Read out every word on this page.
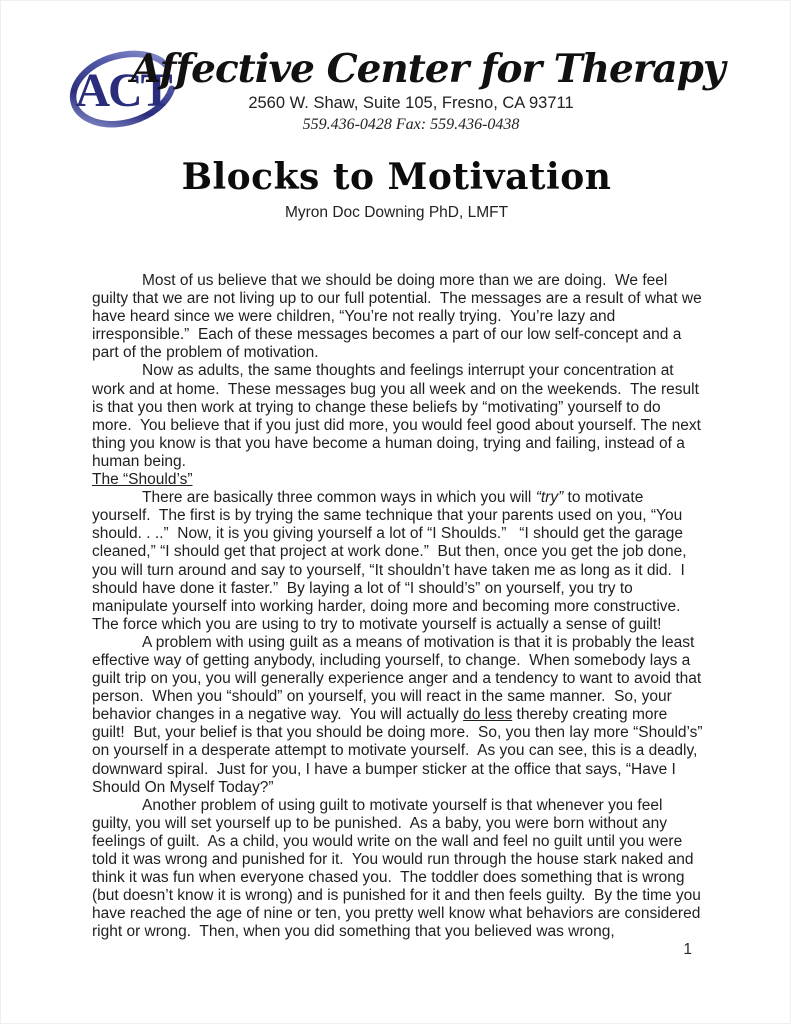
ACT
Affective Center for Therapy
2560 W. Shaw, Suite 105, Fresno, CA 93711
559.436-0428 Fax: 559.436-0438
Blocks to Motivation
Myron Doc Downing PhD, LMFT
Most of us believe that we should be doing more than we are doing.  We feel guilty that we are not living up to our full potential.  The messages are a result of what we have heard since we were children, “You’re not really trying.  You’re lazy and irresponsible.”  Each of these messages becomes a part of our low self-concept and a part of the problem of motivation.
Now as adults, the same thoughts and feelings interrupt your concentration at work and at home.  These messages bug you all week and on the weekends.  The result is that you then work at trying to change these beliefs by “motivating” yourself to do more.  You believe that if you just did more, you would feel good about yourself. The next thing you know is that you have become a human doing, trying and failing, instead of a human being.
The “Should’s”
There are basically three common ways in which you will “try” to motivate yourself.  The first is by trying the same technique that your parents used on you, “You should. . ..”  Now, it is you giving yourself a lot of “I Shoulds.”   “I should get the garage cleaned,” “I should get that project at work done.”  But then, once you get the job done, you will turn around and say to yourself, “It shouldn’t have taken me as long as it did.  I should have done it faster.”  By laying a lot of “I should’s” on yourself, you try to manipulate yourself into working harder, doing more and becoming more constructive.  The force which you are using to try to motivate yourself is actually a sense of guilt!
A problem with using guilt as a means of motivation is that it is probably the least effective way of getting anybody, including yourself, to change.  When somebody lays a guilt trip on you, you will generally experience anger and a tendency to want to avoid that person.  When you “should” on yourself, you will react in the same manner.  So, your behavior changes in a negative way.  You will actually do less thereby creating more guilt!  But, your belief is that you should be doing more.  So, you then lay more “Should’s” on yourself in a desperate attempt to motivate yourself.  As you can see, this is a deadly, downward spiral.  Just for you, I have a bumper sticker at the office that says, “Have I Should On Myself Today?”
Another problem of using guilt to motivate yourself is that whenever you feel guilty, you will set yourself up to be punished.  As a baby, you were born without any feelings of guilt.  As a child, you would write on the wall and feel no guilt until you were told it was wrong and punished for it.  You would run through the house stark naked and think it was fun when everyone chased you.  The toddler does something that is wrong (but doesn’t know it is wrong) and is punished for it and then feels guilty.  By the time you have reached the age of nine or ten, you pretty well know what behaviors are considered right or wrong.  Then, when you did something that you believed was wrong,
1
